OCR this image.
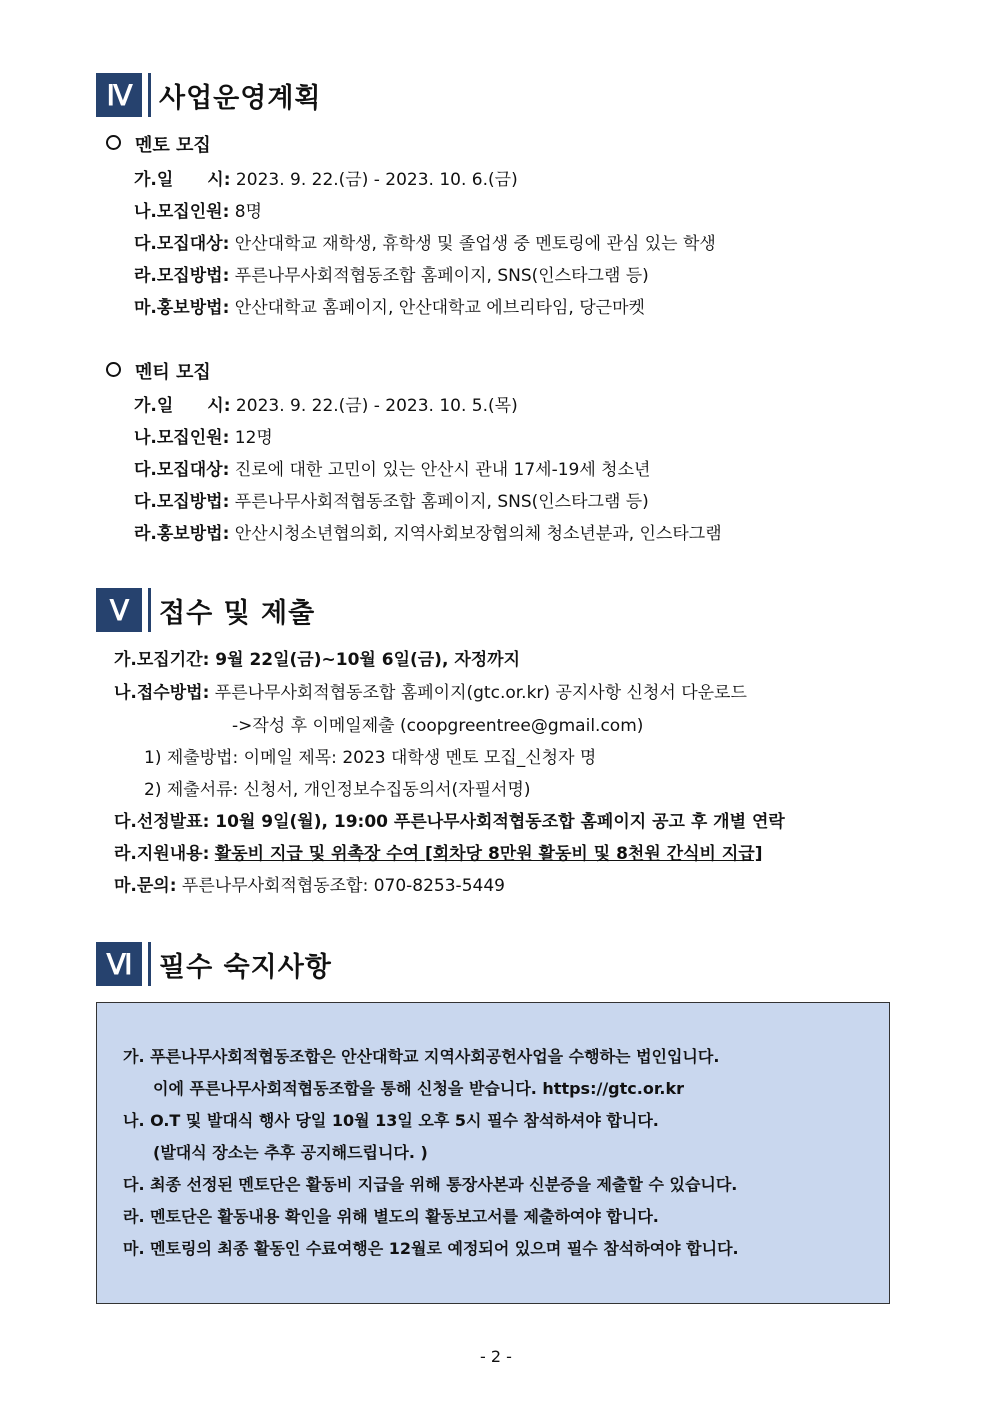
Ⅳ	사업운영계획
멘토 모집
가.일　　시: 2023. 9. 22.(금) - 2023. 10. 6.(금)
나.모집인원: 8명
다.모집대상: 안산대학교 재학생, 휴학생 및 졸업생 중 멘토링에 관심 있는 학생
라.모집방법: 푸른나무사회적협동조합 홈페이지, SNS(인스타그램 등)
마.홍보방법: 안산대학교 홈페이지, 안산대학교 에브리타임, 당근마켓
멘티 모집
가.일　　시: 2023. 9. 22.(금) - 2023. 10. 5.(목)
나.모집인원: 12명
다.모집대상: 진로에 대한 고민이 있는 안산시 관내 17세-19세 청소년
다.모집방법: 푸른나무사회적협동조합 홈페이지, SNS(인스타그램 등)
라.홍보방법: 안산시청소년협의회, 지역사회보장협의체 청소년분과, 인스타그램
Ⅴ	접수 및 제출
가.모집기간: 9월 22일(금)~10월 6일(금), 자정까지
나.접수방법: 푸른나무사회적협동조합 홈페이지(gtc.or.kr) 공지사항 신청서 다운로드
->작성 후 이메일제출 (coopgreentree@gmail.com)
1) 제출방법: 이메일 제목: 2023 대학생 멘토 모집_신청자 명
2) 제출서류: 신청서, 개인정보수집동의서(자필서명)
다.선정발표: 10월 9일(월), 19:00 푸른나무사회적협동조합 홈페이지 공고 후 개별 연락
라.지원내용: 활동비 지급 및 위촉장 수여 [회차당 8만원 활동비 및 8천원 간식비 지급]
마.문의: 푸른나무사회적협동조합: 070-8253-5449
Ⅵ	필수 숙지사항
가. 푸른나무사회적협동조합은 안산대학교 지역사회공헌사업을 수행하는 법인입니다.
이에 푸른나무사회적협동조합을 통해 신청을 받습니다. https://gtc.or.kr
나. O.T 및 발대식 행사 당일 10월 13일 오후 5시 필수 참석하셔야 합니다.
(발대식 장소는 추후 공지해드립니다. )
다. 최종 선정된 멘토단은 활동비 지급을 위해 통장사본과 신분증을 제출할 수 있습니다.
라. 멘토단은 활동내용 확인을 위해 별도의 활동보고서를 제출하여야 합니다.
마. 멘토링의 최종 활동인 수료여행은 12월로 예정되어 있으며 필수 참석하여야 합니다.
- 2 -
